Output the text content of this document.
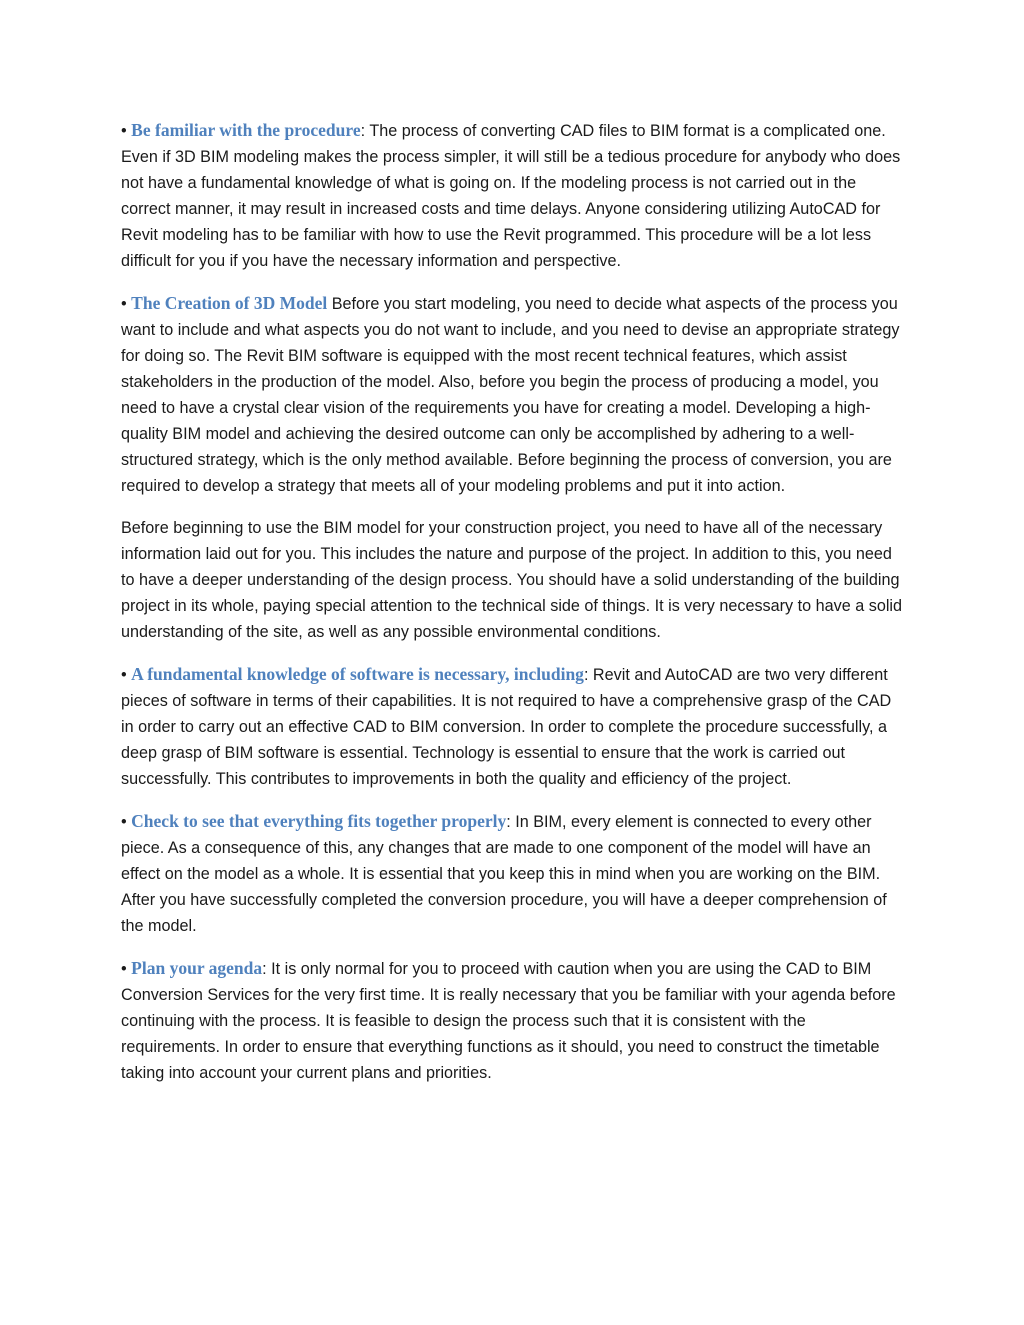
• Be familiar with the procedure: The process of converting CAD files to BIM format is a complicated one. Even if 3D BIM modeling makes the process simpler, it will still be a tedious procedure for anybody who does not have a fundamental knowledge of what is going on. If the modeling process is not carried out in the correct manner, it may result in increased costs and time delays. Anyone considering utilizing AutoCAD for Revit modeling has to be familiar with how to use the Revit programmed. This procedure will be a lot less difficult for you if you have the necessary information and perspective.

• The Creation of 3D Model Before you start modeling, you need to decide what aspects of the process you want to include and what aspects you do not want to include, and you need to devise an appropriate strategy for doing so. The Revit BIM software is equipped with the most recent technical features, which assist stakeholders in the production of the model. Also, before you begin the process of producing a model, you need to have a crystal clear vision of the requirements you have for creating a model. Developing a high-quality BIM model and achieving the desired outcome can only be accomplished by adhering to a well-structured strategy, which is the only method available. Before beginning the process of conversion, you are required to develop a strategy that meets all of your modeling problems and put it into action.

Before beginning to use the BIM model for your construction project, you need to have all of the necessary information laid out for you. This includes the nature and purpose of the project. In addition to this, you need to have a deeper understanding of the design process. You should have a solid understanding of the building project in its whole, paying special attention to the technical side of things. It is very necessary to have a solid understanding of the site, as well as any possible environmental conditions.

• A fundamental knowledge of software is necessary, including: Revit and AutoCAD are two very different pieces of software in terms of their capabilities. It is not required to have a comprehensive grasp of the CAD in order to carry out an effective CAD to BIM conversion. In order to complete the procedure successfully, a deep grasp of BIM software is essential. Technology is essential to ensure that the work is carried out successfully. This contributes to improvements in both the quality and efficiency of the project.

• Check to see that everything fits together properly: In BIM, every element is connected to every other piece. As a consequence of this, any changes that are made to one component of the model will have an effect on the model as a whole. It is essential that you keep this in mind when you are working on the BIM. After you have successfully completed the conversion procedure, you will have a deeper comprehension of the model.

• Plan your agenda: It is only normal for you to proceed with caution when you are using the CAD to BIM Conversion Services for the very first time. It is really necessary that you be familiar with your agenda before continuing with the process. It is feasible to design the process such that it is consistent with the requirements. In order to ensure that everything functions as it should, you need to construct the timetable taking into account your current plans and priorities.
